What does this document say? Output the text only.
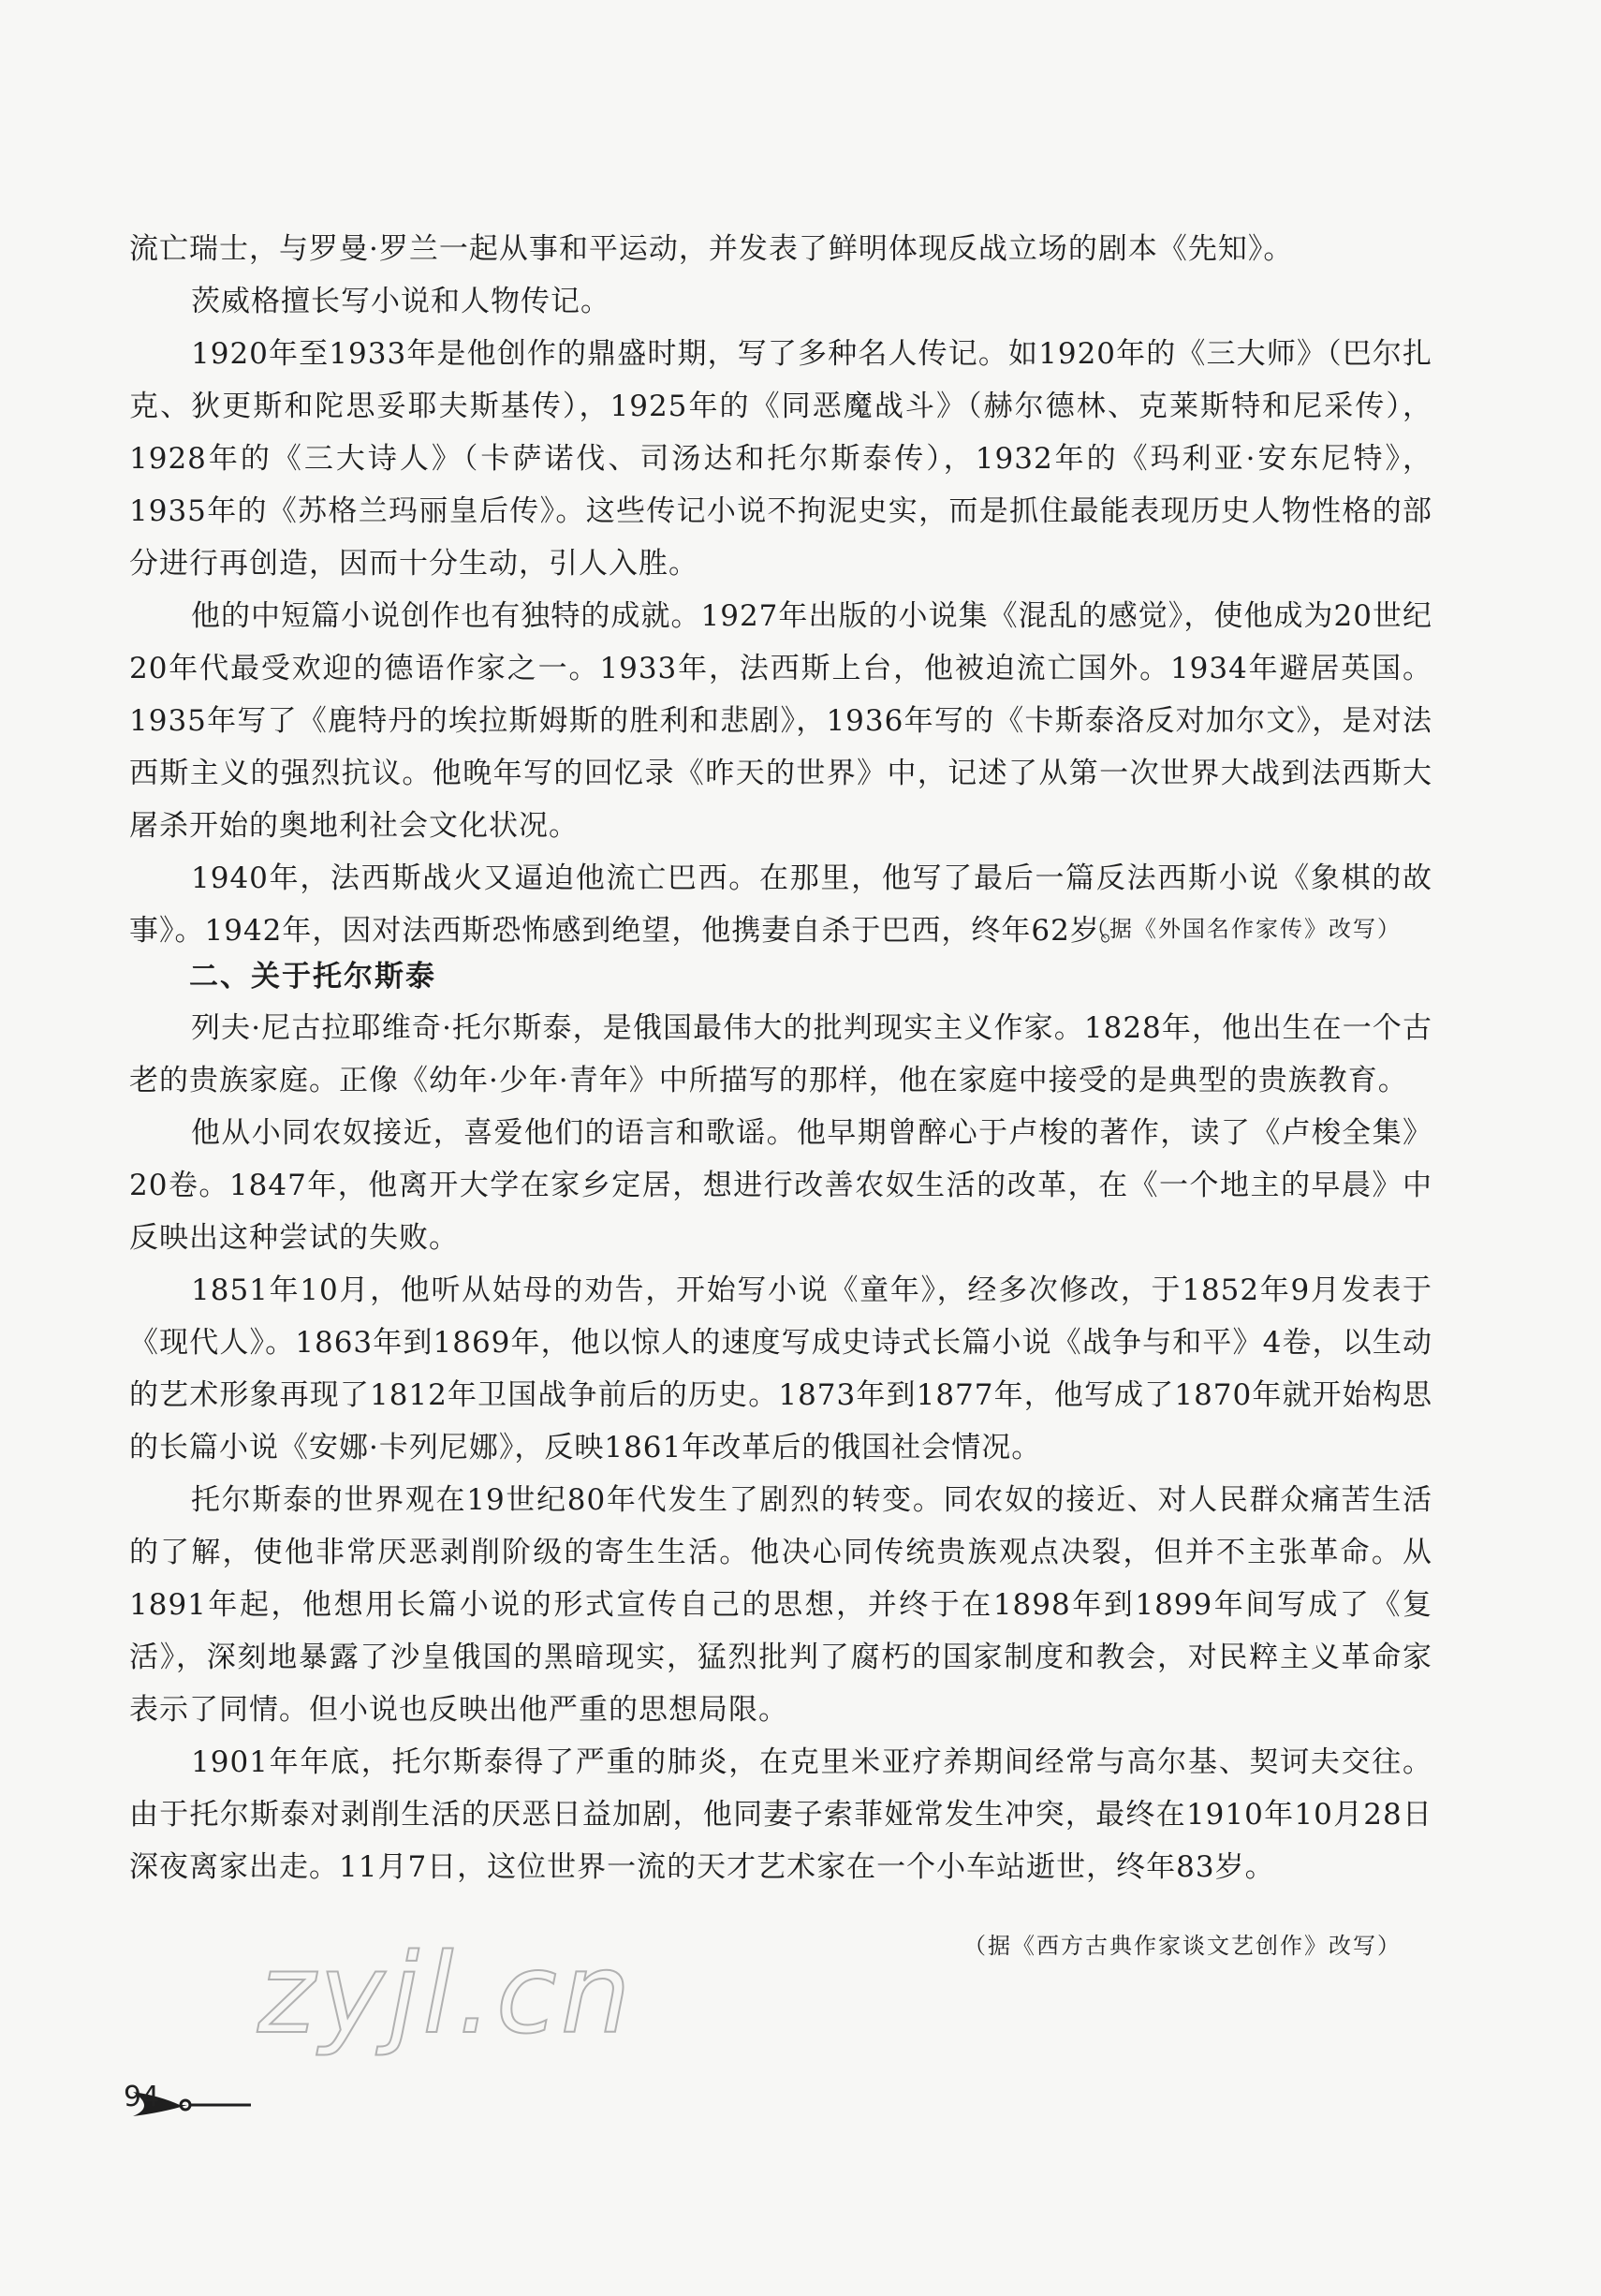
流亡瑞士，与罗曼·罗兰一起从事和平运动，并发表了鲜明体现反战立场的剧本《先知》。

茨威格擅长写小说和人物传记。

1920年至1933年是他创作的鼎盛时期，写了多种名人传记。如1920年的《三大师》（巴尔扎克、狄更斯和陀思妥耶夫斯基传），1925年的《同恶魔战斗》（赫尔德林、克莱斯特和尼采传），1928年的《三大诗人》（卡萨诺伐、司汤达和托尔斯泰传），1932年的《玛利亚·安东尼特》，1935年的《苏格兰玛丽皇后传》。这些传记小说不拘泥史实，而是抓住最能表现历史人物性格的部分进行再创造，因而十分生动，引人入胜。

他的中短篇小说创作也有独特的成就。1927年出版的小说集《混乱的感觉》，使他成为20世纪20年代最受欢迎的德语作家之一。1933年，法西斯上台，他被迫流亡国外。1934年避居英国。1935年写了《鹿特丹的埃拉斯姆斯的胜利和悲剧》，1936年写的《卡斯泰洛反对加尔文》，是对法西斯主义的强烈抗议。他晚年写的回忆录《昨天的世界》中，记述了从第一次世界大战到法西斯大屠杀开始的奥地利社会文化状况。

1940年，法西斯战火又逼迫他流亡巴西。在那里，他写了最后一篇反法西斯小说《象棋的故事》。1942年，因对法西斯恐怖感到绝望，他携妻自杀于巴西，终年62岁。

（据《外国名作家传》改写）
二、关于托尔斯泰

列夫·尼古拉耶维奇·托尔斯泰，是俄国最伟大的批判现实主义作家。1828年，他出生在一个古老的贵族家庭。正像《幼年·少年·青年》中所描写的那样，他在家庭中接受的是典型的贵族教育。

他从小同农奴接近，喜爱他们的语言和歌谣。他早期曾醉心于卢梭的著作，读了《卢梭全集》20卷。1847年，他离开大学在家乡定居，想进行改善农奴生活的改革，在《一个地主的早晨》中反映出这种尝试的失败。

1851年10月，他听从姑母的劝告，开始写小说《童年》，经多次修改，于1852年9月发表于《现代人》。1863年到1869年，他以惊人的速度写成史诗式长篇小说《战争与和平》4卷，以生动的艺术形象再现了1812年卫国战争前后的历史。1873年到1877年，他写成了1870年就开始构思的长篇小说《安娜·卡列尼娜》，反映1861年改革后的俄国社会情况。

托尔斯泰的世界观在19世纪80年代发生了剧烈的转变。同农奴的接近、对人民群众痛苦生活的了解，使他非常厌恶剥削阶级的寄生生活。他决心同传统贵族观点决裂，但并不主张革命。从1891年起，他想用长篇小说的形式宣传自己的思想，并终于在1898年到1899年间写成了《复活》，深刻地暴露了沙皇俄国的黑暗现实，猛烈批判了腐朽的国家制度和教会，对民粹主义革命家表示了同情。但小说也反映出他严重的思想局限。

1901年年底，托尔斯泰得了严重的肺炎，在克里米亚疗养期间经常与高尔基、契诃夫交往。由于托尔斯泰对剥削生活的厌恶日益加剧，他同妻子索菲娅常发生冲突，最终在1910年10月28日深夜离家出走。11月7日，这位世界一流的天才艺术家在一个小车站逝世，终年83岁。

（据《西方古典作家谈文艺创作》改写）
zyjl.cn
94
